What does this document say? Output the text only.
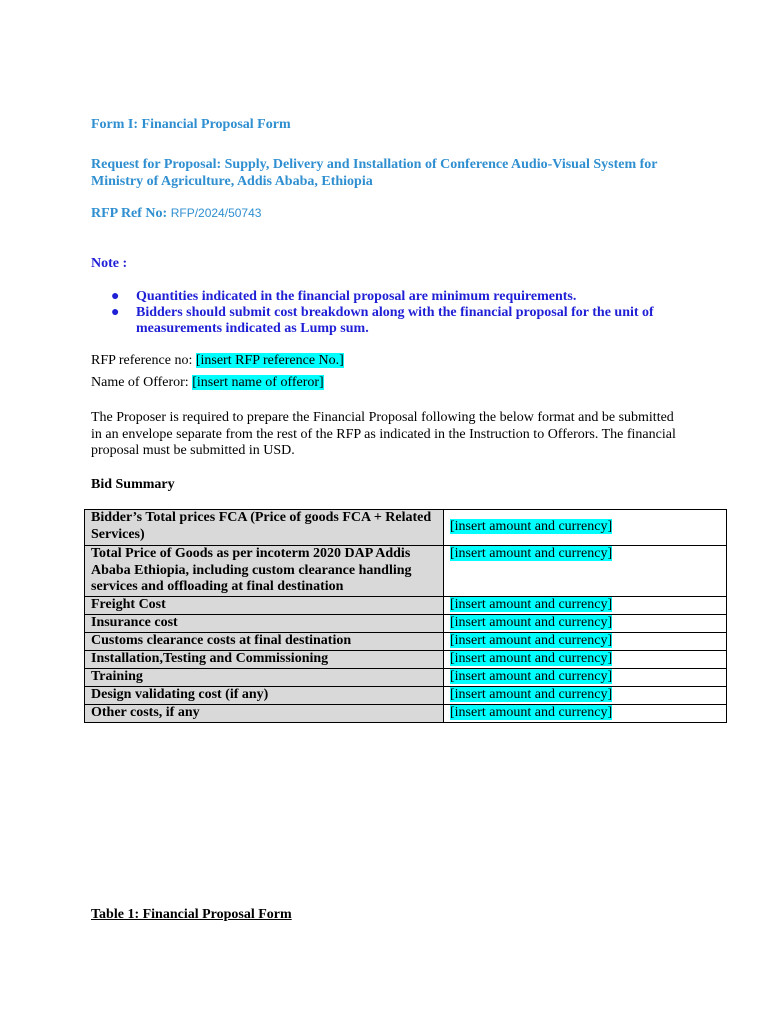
Form I: Financial Proposal Form
Request for Proposal: Supply, Delivery and Installation of Conference Audio-Visual System for
Ministry of Agriculture, Addis Ababa, Ethiopia
RFP Ref No: RFP/2024/50743
Note :
● Quantities indicated in the financial proposal are minimum requirements.
● Bidders should submit cost breakdown along with the financial proposal for the unit of measurements indicated as Lump sum.
RFP reference no: [insert RFP reference No.]
Name of Offeror: [insert name of offeror]
The Proposer is required to prepare the Financial Proposal following the below format and be submitted
in an envelope separate from the rest of the RFP as indicated in the Instruction to Offerors. The financial
proposal must be submitted in USD.
Bid Summary
Bidder’s Total prices FCA (Price of goods FCA + Related Services)	[insert amount and currency]
Total Price of Goods as per incoterm 2020 DAP Addis Ababa Ethiopia, including custom clearance handling services and offloading at final destination	[insert amount and currency]
Freight Cost	[insert amount and currency]
Insurance cost	[insert amount and currency]
Customs clearance costs at final destination	[insert amount and currency]
Installation,Testing and Commissioning	[insert amount and currency]
Training	[insert amount and currency]
Design validating cost (if any)	[insert amount and currency]
Other costs, if any	[insert amount and currency]
Table 1: Financial Proposal Form
